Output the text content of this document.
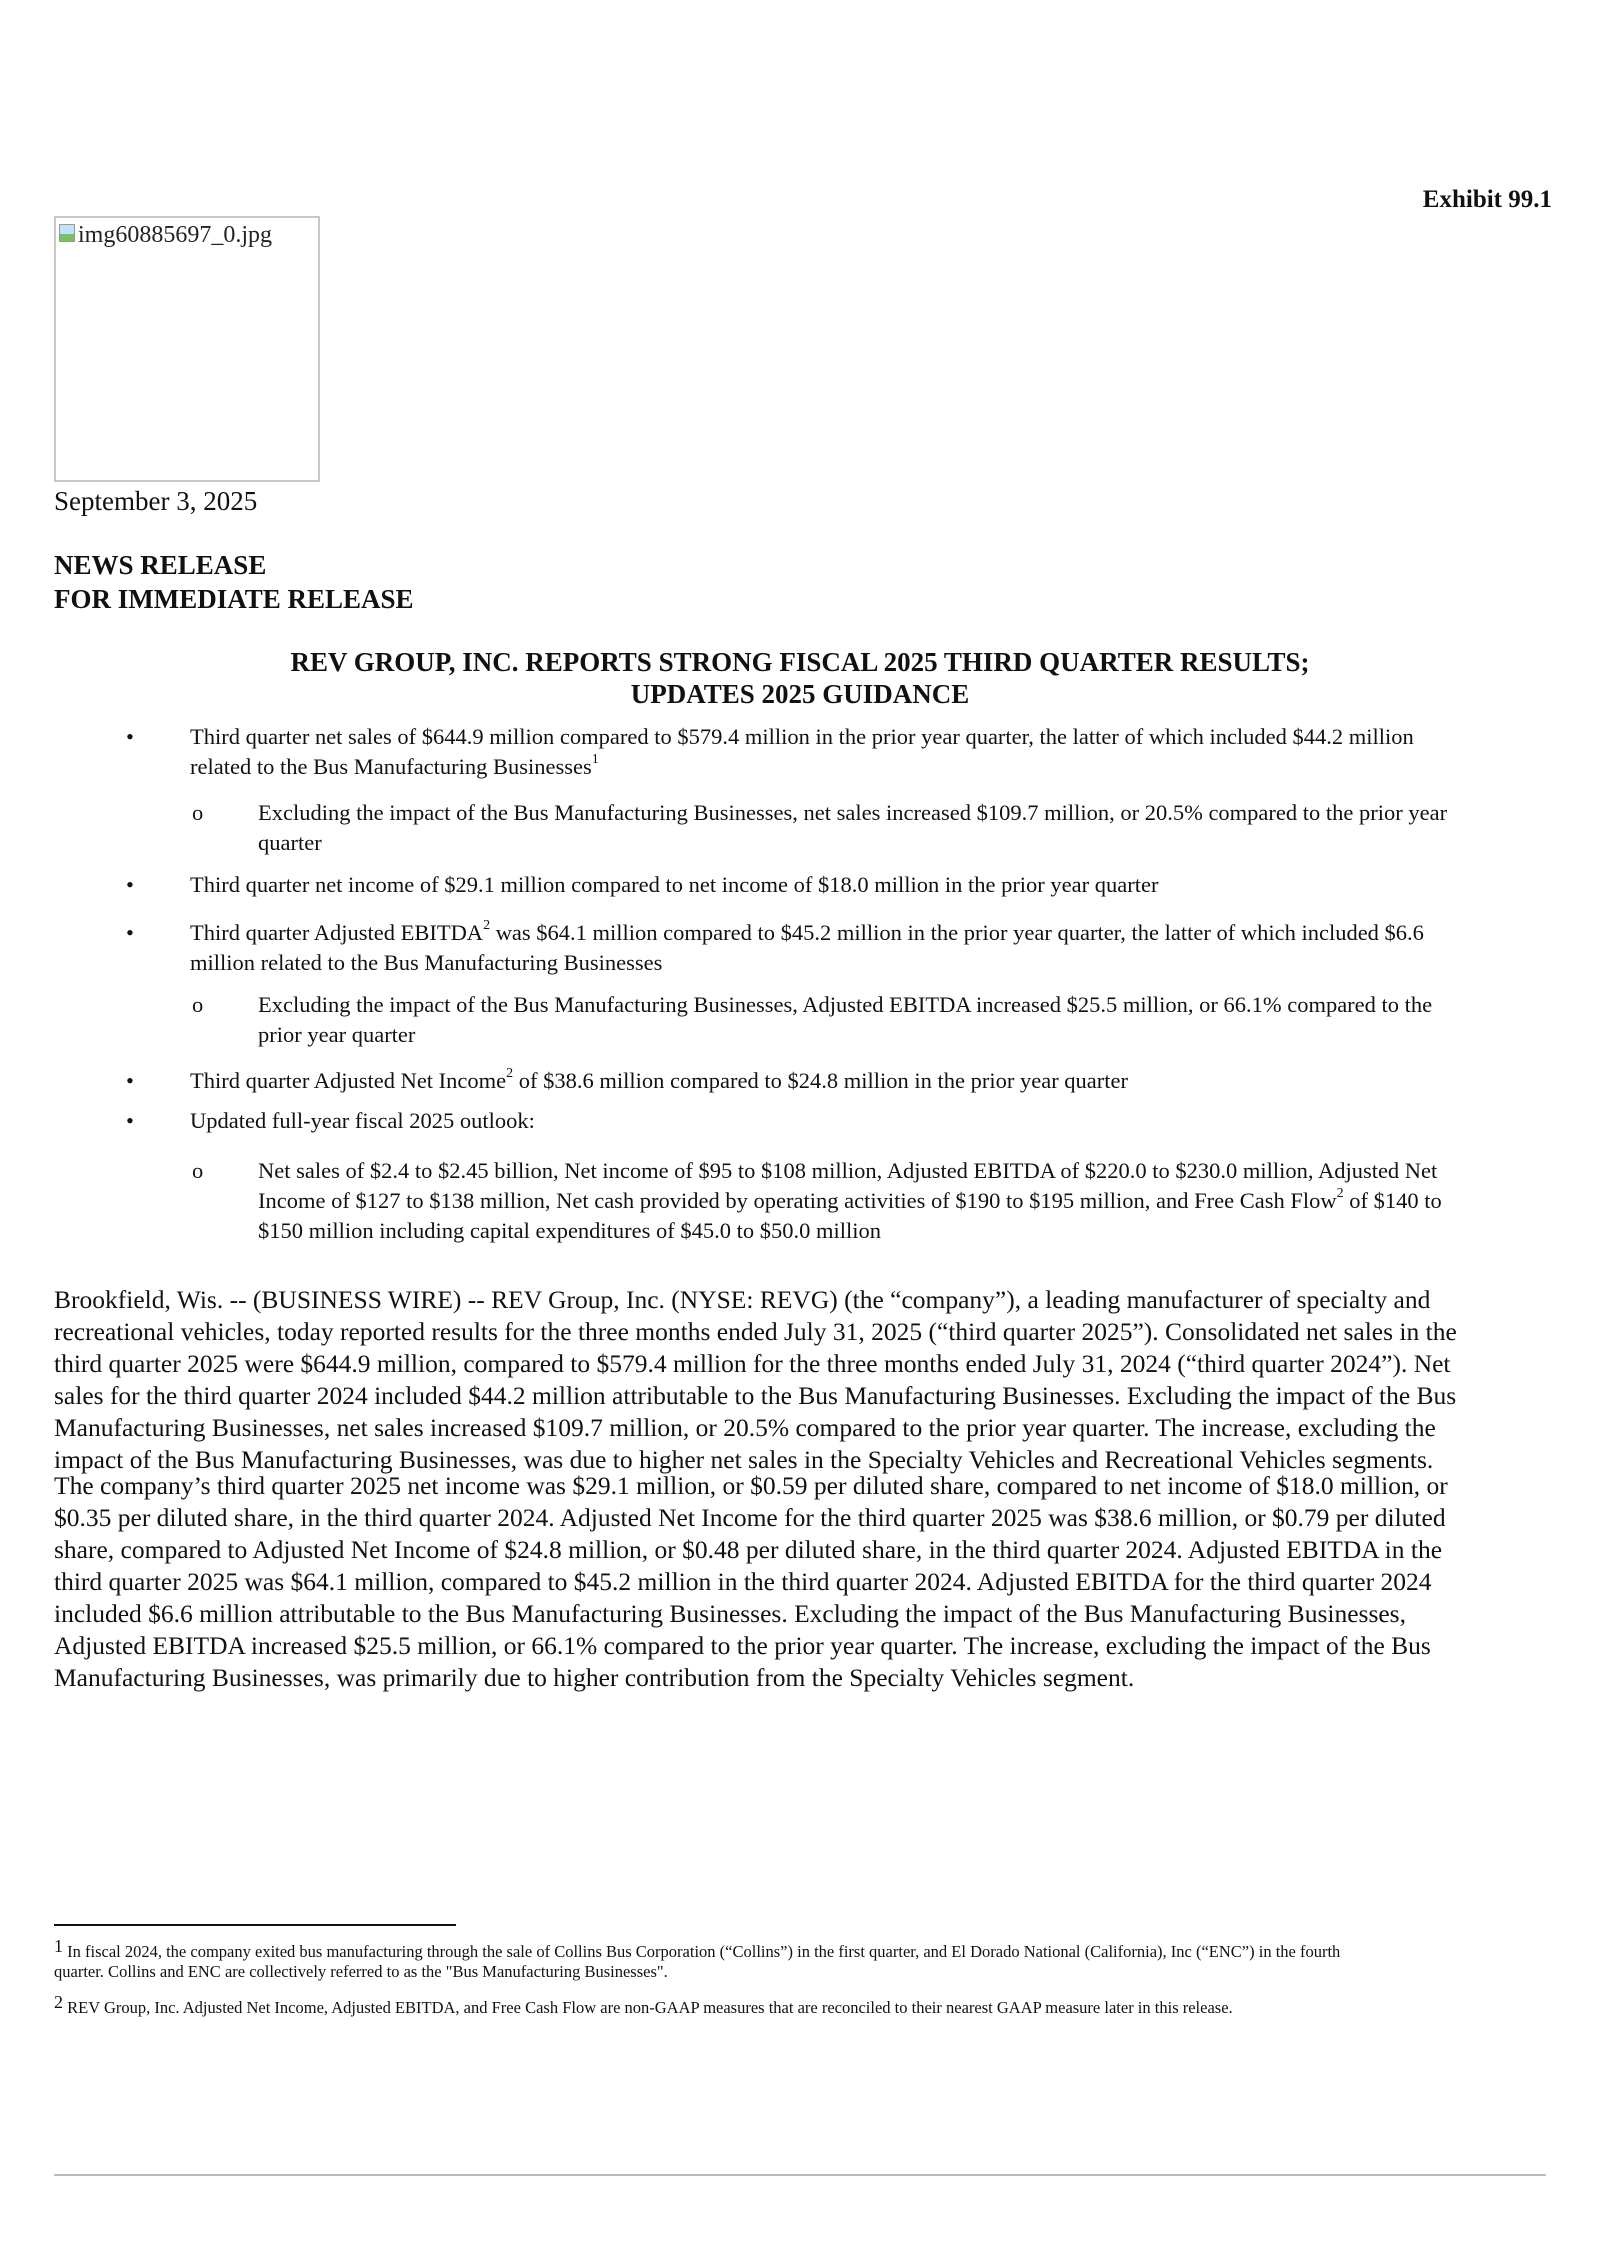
Exhibit 99.1
img60885697_0.jpg
September 3, 2025
NEWS RELEASE
FOR IMMEDIATE RELEASE
REV GROUP, INC. REPORTS STRONG FISCAL 2025 THIRD QUARTER RESULTS;
UPDATES 2025 GUIDANCE
• Third quarter net sales of $644.9 million compared to $579.4 million in the prior year quarter, the latter of which included $44.2 million
related to the Bus Manufacturing Businesses$^1$
o Excluding the impact of the Bus Manufacturing Businesses, net sales increased $109.7 million, or 20.5% compared to the prior year
quarter
• Third quarter net income of $29.1 million compared to net income of $18.0 million in the prior year quarter
• Third quarter Adjusted EBITDA$^2$ was $64.1 million compared to $45.2 million in the prior year quarter, the latter of which included $6.6
million related to the Bus Manufacturing Businesses
o Excluding the impact of the Bus Manufacturing Businesses, Adjusted EBITDA increased $25.5 million, or 66.1% compared to the
prior year quarter
• Third quarter Adjusted Net Income$^2$ of $38.6 million compared to $24.8 million in the prior year quarter
• Updated full-year fiscal 2025 outlook:
o Net sales of $2.4 to $2.45 billion, Net income of $95 to $108 million, Adjusted EBITDA of $220.0 to $230.0 million, Adjusted Net
Income of $127 to $138 million, Net cash provided by operating activities of $190 to $195 million, and Free Cash Flow$^2$ of $140 to
$150 million including capital expenditures of $45.0 to $50.0 million
Brookfield, Wis. -- (BUSINESS WIRE) -- REV Group, Inc. (NYSE: REVG) (the “company”), a leading manufacturer of specialty and
recreational vehicles, today reported results for the three months ended July 31, 2025 (“third quarter 2025”). Consolidated net sales in the
third quarter 2025 were $644.9 million, compared to $579.4 million for the three months ended July 31, 2024 (“third quarter 2024”). Net
sales for the third quarter 2024 included $44.2 million attributable to the Bus Manufacturing Businesses. Excluding the impact of the Bus
Manufacturing Businesses, net sales increased $109.7 million, or 20.5% compared to the prior year quarter. The increase, excluding the
impact of the Bus Manufacturing Businesses, was due to higher net sales in the Specialty Vehicles and Recreational Vehicles segments.
The company’s third quarter 2025 net income was $29.1 million, or $0.59 per diluted share, compared to net income of $18.0 million, or
$0.35 per diluted share, in the third quarter 2024. Adjusted Net Income for the third quarter 2025 was $38.6 million, or $0.79 per diluted
share, compared to Adjusted Net Income of $24.8 million, or $0.48 per diluted share, in the third quarter 2024. Adjusted EBITDA in the
third quarter 2025 was $64.1 million, compared to $45.2 million in the third quarter 2024. Adjusted EBITDA for the third quarter 2024
included $6.6 million attributable to the Bus Manufacturing Businesses. Excluding the impact of the Bus Manufacturing Businesses,
Adjusted EBITDA increased $25.5 million, or 66.1% compared to the prior year quarter. The increase, excluding the impact of the Bus
Manufacturing Businesses, was primarily due to higher contribution from the Specialty Vehicles segment.
$^1$ In fiscal 2024, the company exited bus manufacturing through the sale of Collins Bus Corporation (“Collins”) in the first quarter, and El Dorado National (California), Inc (“ENC”) in the fourth
quarter. Collins and ENC are collectively referred to as the "Bus Manufacturing Businesses".
$^2$ REV Group, Inc. Adjusted Net Income, Adjusted EBITDA, and Free Cash Flow are non-GAAP measures that are reconciled to their nearest GAAP measure later in this release.
